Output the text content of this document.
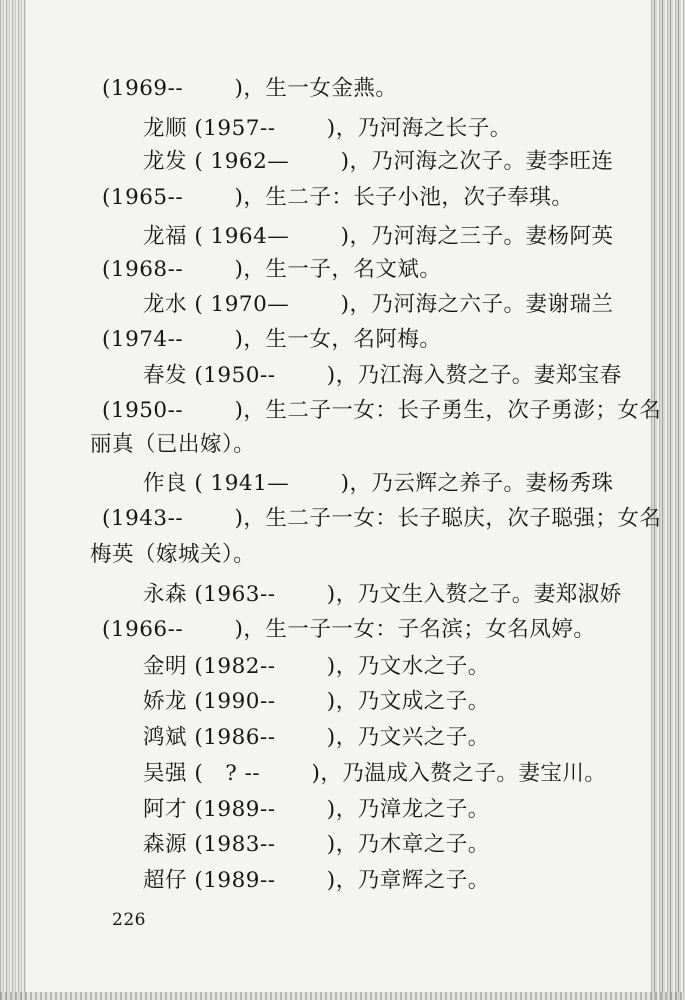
(1969--       )，生一女金燕。
龙顺 (1957--       )，乃河海之长子。
龙发 ( 1962—       )，乃河海之次子。妻李旺连
(1965--       )，生二子：长子小池，次子奉琪。
龙福 ( 1964—       )，乃河海之三子。妻杨阿英
(1968--       )，生一子，名文斌。
龙水 ( 1970—       )，乃河海之六子。妻谢瑞兰
(1974--       )，生一女，名阿梅。
春发 (1950--       )，乃江海入赘之子。妻郑宝春
(1950--       )，生二子一女：长子勇生，次子勇澎；女名
丽真（已出嫁）。
作良 ( 1941—       )，乃云辉之养子。妻杨秀珠
(1943--       )，生二子一女：长子聪庆，次子聪强；女名
梅英（嫁城关）。
永森 (1963--       )，乃文生入赘之子。妻郑淑娇
(1966--       )，生一子一女：子名滨；女名凤婷。
金明 (1982--       )，乃文水之子。
娇龙 (1990--       )，乃文成之子。
鸿斌 (1986--       )，乃文兴之子。
吴强 (   ? --       )，乃温成入赘之子。妻宝川。
阿才 (1989--       )，乃漳龙之子。
森源 (1983--       )，乃木章之子。
超仔 (1989--       )，乃章辉之子。
226
